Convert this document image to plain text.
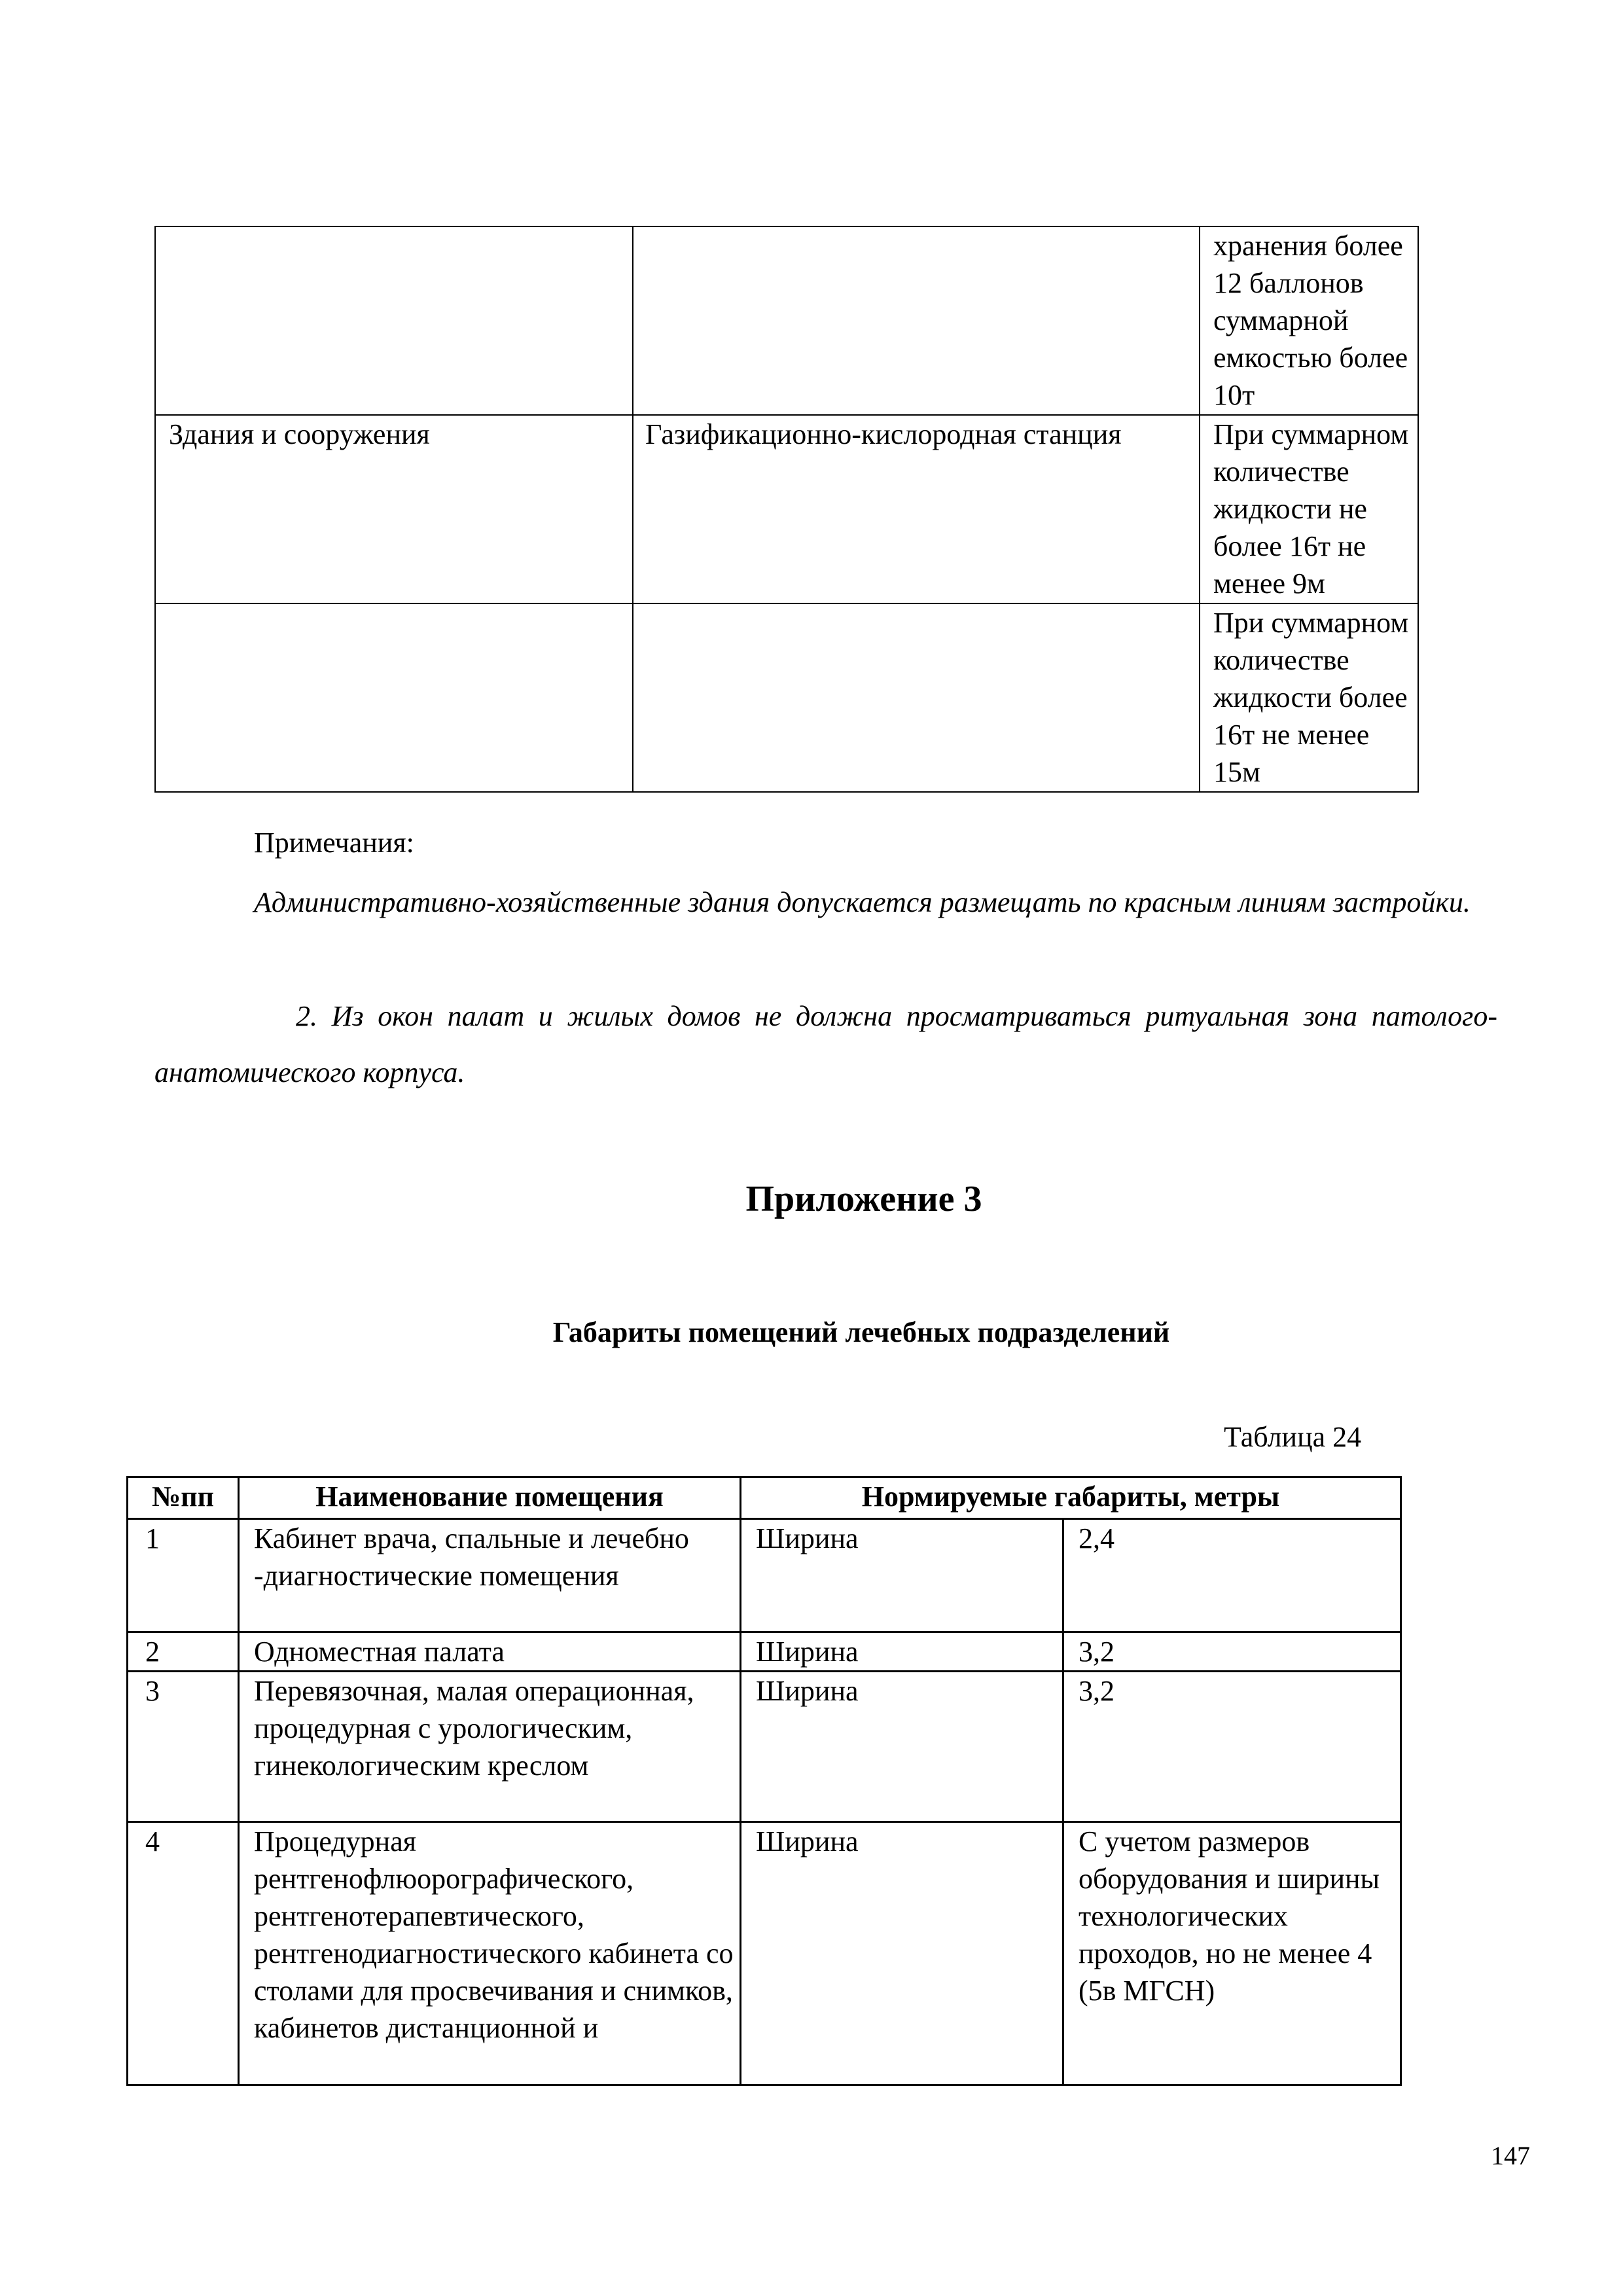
		хранения более
12 баллонов
суммарной
емкостью более
10т
Здания и сооружения	Газификационно-кислородная станция	При суммарном
количестве
жидкости не
более 16т не
менее 9м
		При суммарном
количестве
жидкости более
16т не менее
15м
Примечания:
Административно-хозяйственные здания допускается размещать по красным линиям застройки.
2. Из окон палат и жилых домов не должна просматриваться ритуальная зона патолого-анатомического корпуса.
Приложение 3
Габариты помещений лечебных подразделений
Таблица 24
№пп	Наименование помещения	Нормируемые габариты, метры	
1	Кабинет врача, спальные и лечебно -диагностические помещения	Ширина	2,4
2	Одноместная палата	Ширина	3,2
3	Перевязочная, малая операционная, процедурная с урологическим, гинекологическим креслом	Ширина	3,2
4	Процедурная рентгенофлюорографического, рентгенотерапевтического, рентгенодиагностического кабинета со столами для просвечивания и снимков, кабинетов дистанционной и	Ширина	С учетом размеров оборудования и ширины технологических проходов, но не менее 4 (5в МГСН)
147
